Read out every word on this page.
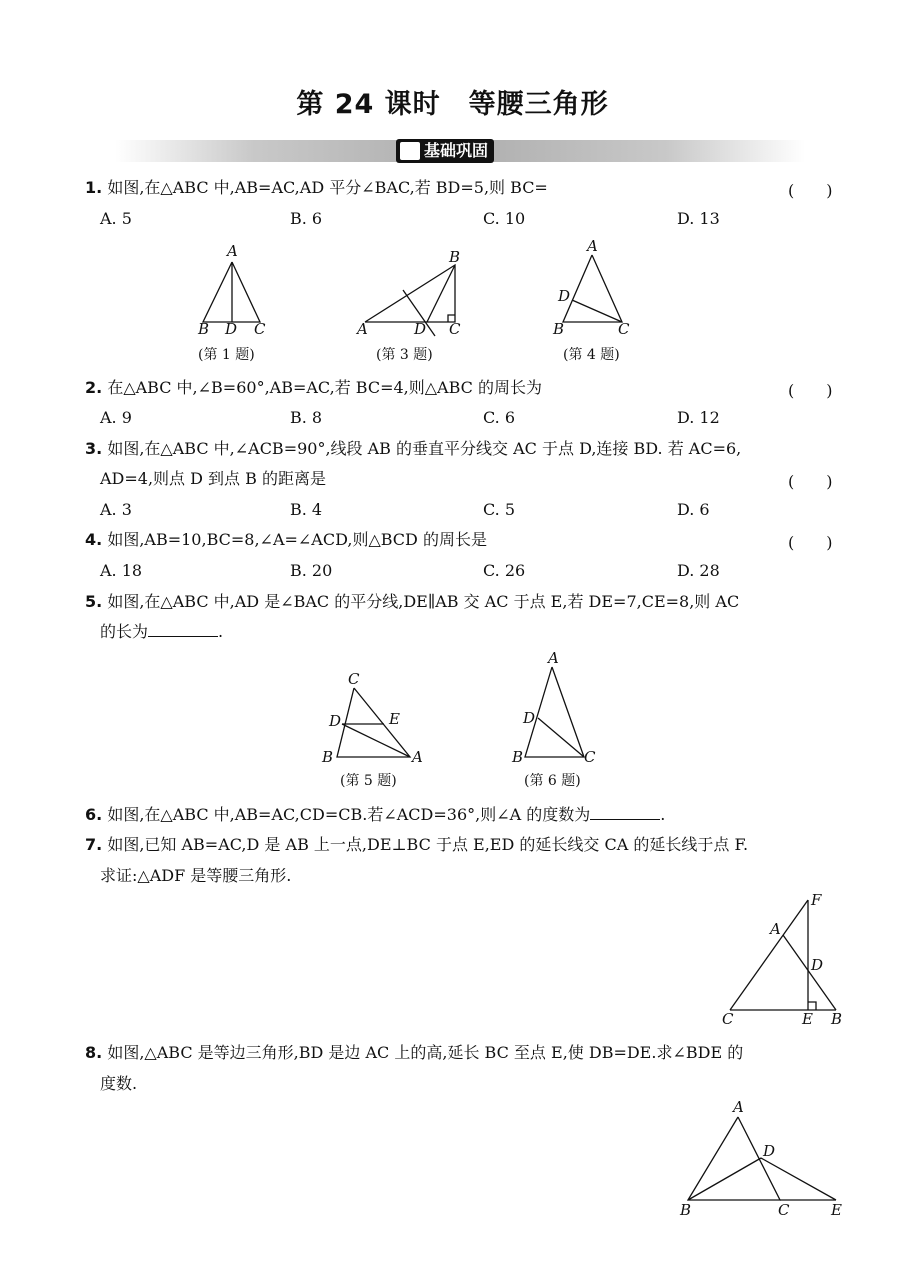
第 24 课时　等腰三角形
基础巩固
1. 如图,在△ABC 中,AB=AC,AD 平分∠BAC,若 BD=5,则 BC=	(　　)
A. 5	B. 6	C. 10	D. 13
A
B D C
(第 1 题)
B
A	D C
(第 3 题)
A
D
B	C
(第 4 题)
2. 在△ABC 中,∠B=60°,AB=AC,若 BC=4,则△ABC 的周长为	(　　)
A. 9	B. 8	C. 6	D. 12
3. 如图,在△ABC 中,∠ACB=90°,线段 AB 的垂直平分线交 AC 于点 D,连接 BD. 若 AC=6,
AD=4,则点 D 到点 B 的距离是	(　　)
A. 3	B. 4	C. 5	D. 6
4. 如图,AB=10,BC=8,∠A=∠ACD,则△BCD 的周长是	(　　)
A. 18	B. 20	C. 26	D. 28
5. 如图,在△ABC 中,AD 是∠BAC 的平分线,DE∥AB 交 AC 于点 E,若 DE=7,CE=8,则 AC
的长为	.
C
D	E
B	A
(第 5 题)
A
D
B	C
(第 6 题)
6. 如图,在△ABC 中,AB=AC,CD=CB.若∠ACD=36°,则∠A 的度数为	.
7. 如图,已知 AB=AC,D 是 AB 上一点,DE⊥BC 于点 E,ED 的延长线交 CA 的延长线于点 F.
求证:△ADF 是等腰三角形.
F
A
D
C	E B
8. 如图,△ABC 是等边三角形,BD 是边 AC 上的高,延长 BC 至点 E,使 DB=DE.求∠BDE 的
度数.
A
D
B	C	E
